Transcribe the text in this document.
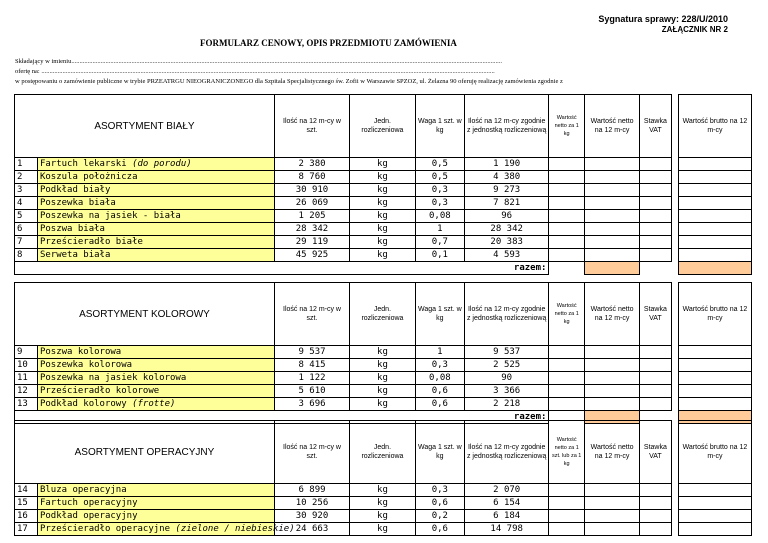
Sygnatura sprawy: 228/U/2010
ZAŁĄCZNIK NR 2
FORMULARZ CENOWY, OPIS PRZEDMIOTU ZAMÓWIENIA
Składający w imieniu.........................................................................................................................................................................................................................................................................
ofertę na: .......................................................................................................................................................................................................................................................................................
w postępowaniu o zamówienie publiczne w trybie PRZEATRGU NIEOGRANICZONEGO dla Szpitala Specjalistycznego św. Zofii w Warszawie SPZOZ, ul. Żelazna 90 oferuję realizację zamówienia zgodnie z
ASORTYMENT BIAŁY		Ilość na 12 m-cy w szt.	Jedn. rozliczeniowa	Waga 1 szt. w kg	Ilość na 12 m-cy zgodnie z jednostką rozliczeniową	Wartość netto za 1 kg	Wartość netto na 12 m-cy	Stawka VAT		Wartość brutto na 12 m-cy
1	Fartuch lekarski (do porodu)	2 380	kg	0,5	1 190					
2	Koszula położnicza	8 760	kg	0,5	4 380					
3	Podkład biały	30 910	kg	0,3	9 273					
4	Poszewka biała	26 069	kg	0,3	7 821					
5	Poszewka na jasiek - biała	1 205	kg	0,08	96					
6	Poszwa biała	28 342	kg	1	28 342					
7	Prześcieradło białe	29 119	kg	0,7	20 383					
8	Serweta biała	45 925	kg	0,1	4 593					
razem:										
ASORTYMENT KOLOROWY		Ilość na 12 m-cy w szt.	Jedn. rozliczeniowa	Waga 1 szt. w kg	Ilość na 12 m-cy zgodnie z jednostką rozliczeniową	Wartość netto za 1 kg	Wartość netto na 12 m-cy	Stawka VAT		Wartość brutto na 12 m-cy
9	Poszwa kolorowa	9 537	kg	1	9 537					
10	Poszewka kolorowa	8 415	kg	0,3	2 525					
11	Poszewka na jasiek kolorowa	1 122	kg	0,08	90					
12	Prześcieradło kolorowe	5 610	kg	0,6	3 366					
13	Podkład kolorowy (frotte)	3 696	kg	0,6	2 218					
razem:										
ASORTYMENT OPERACYJNY		Ilość na 12 m-cy w szt.	Jedn. rozliczeniowa	Waga 1 szt. w kg	Ilość na 12 m-cy zgodnie z jednostką rozliczeniową	Wartość netto za 1 szt. lub za 1 kg	Wartość netto na 12 m-cy	Stawka VAT		Wartość brutto na 12 m-cy
14	Bluza operacyjna	6 899	kg	0,3	2 070					
15	Fartuch operacyjny	10 256	kg	0,6	6 154					
16	Podkład operacyjny	30 920	kg	0,2	6 184					
17	Prześcieradło operacyjne (zielone / niebieskie)	24 663	kg	0,6	14 798					
